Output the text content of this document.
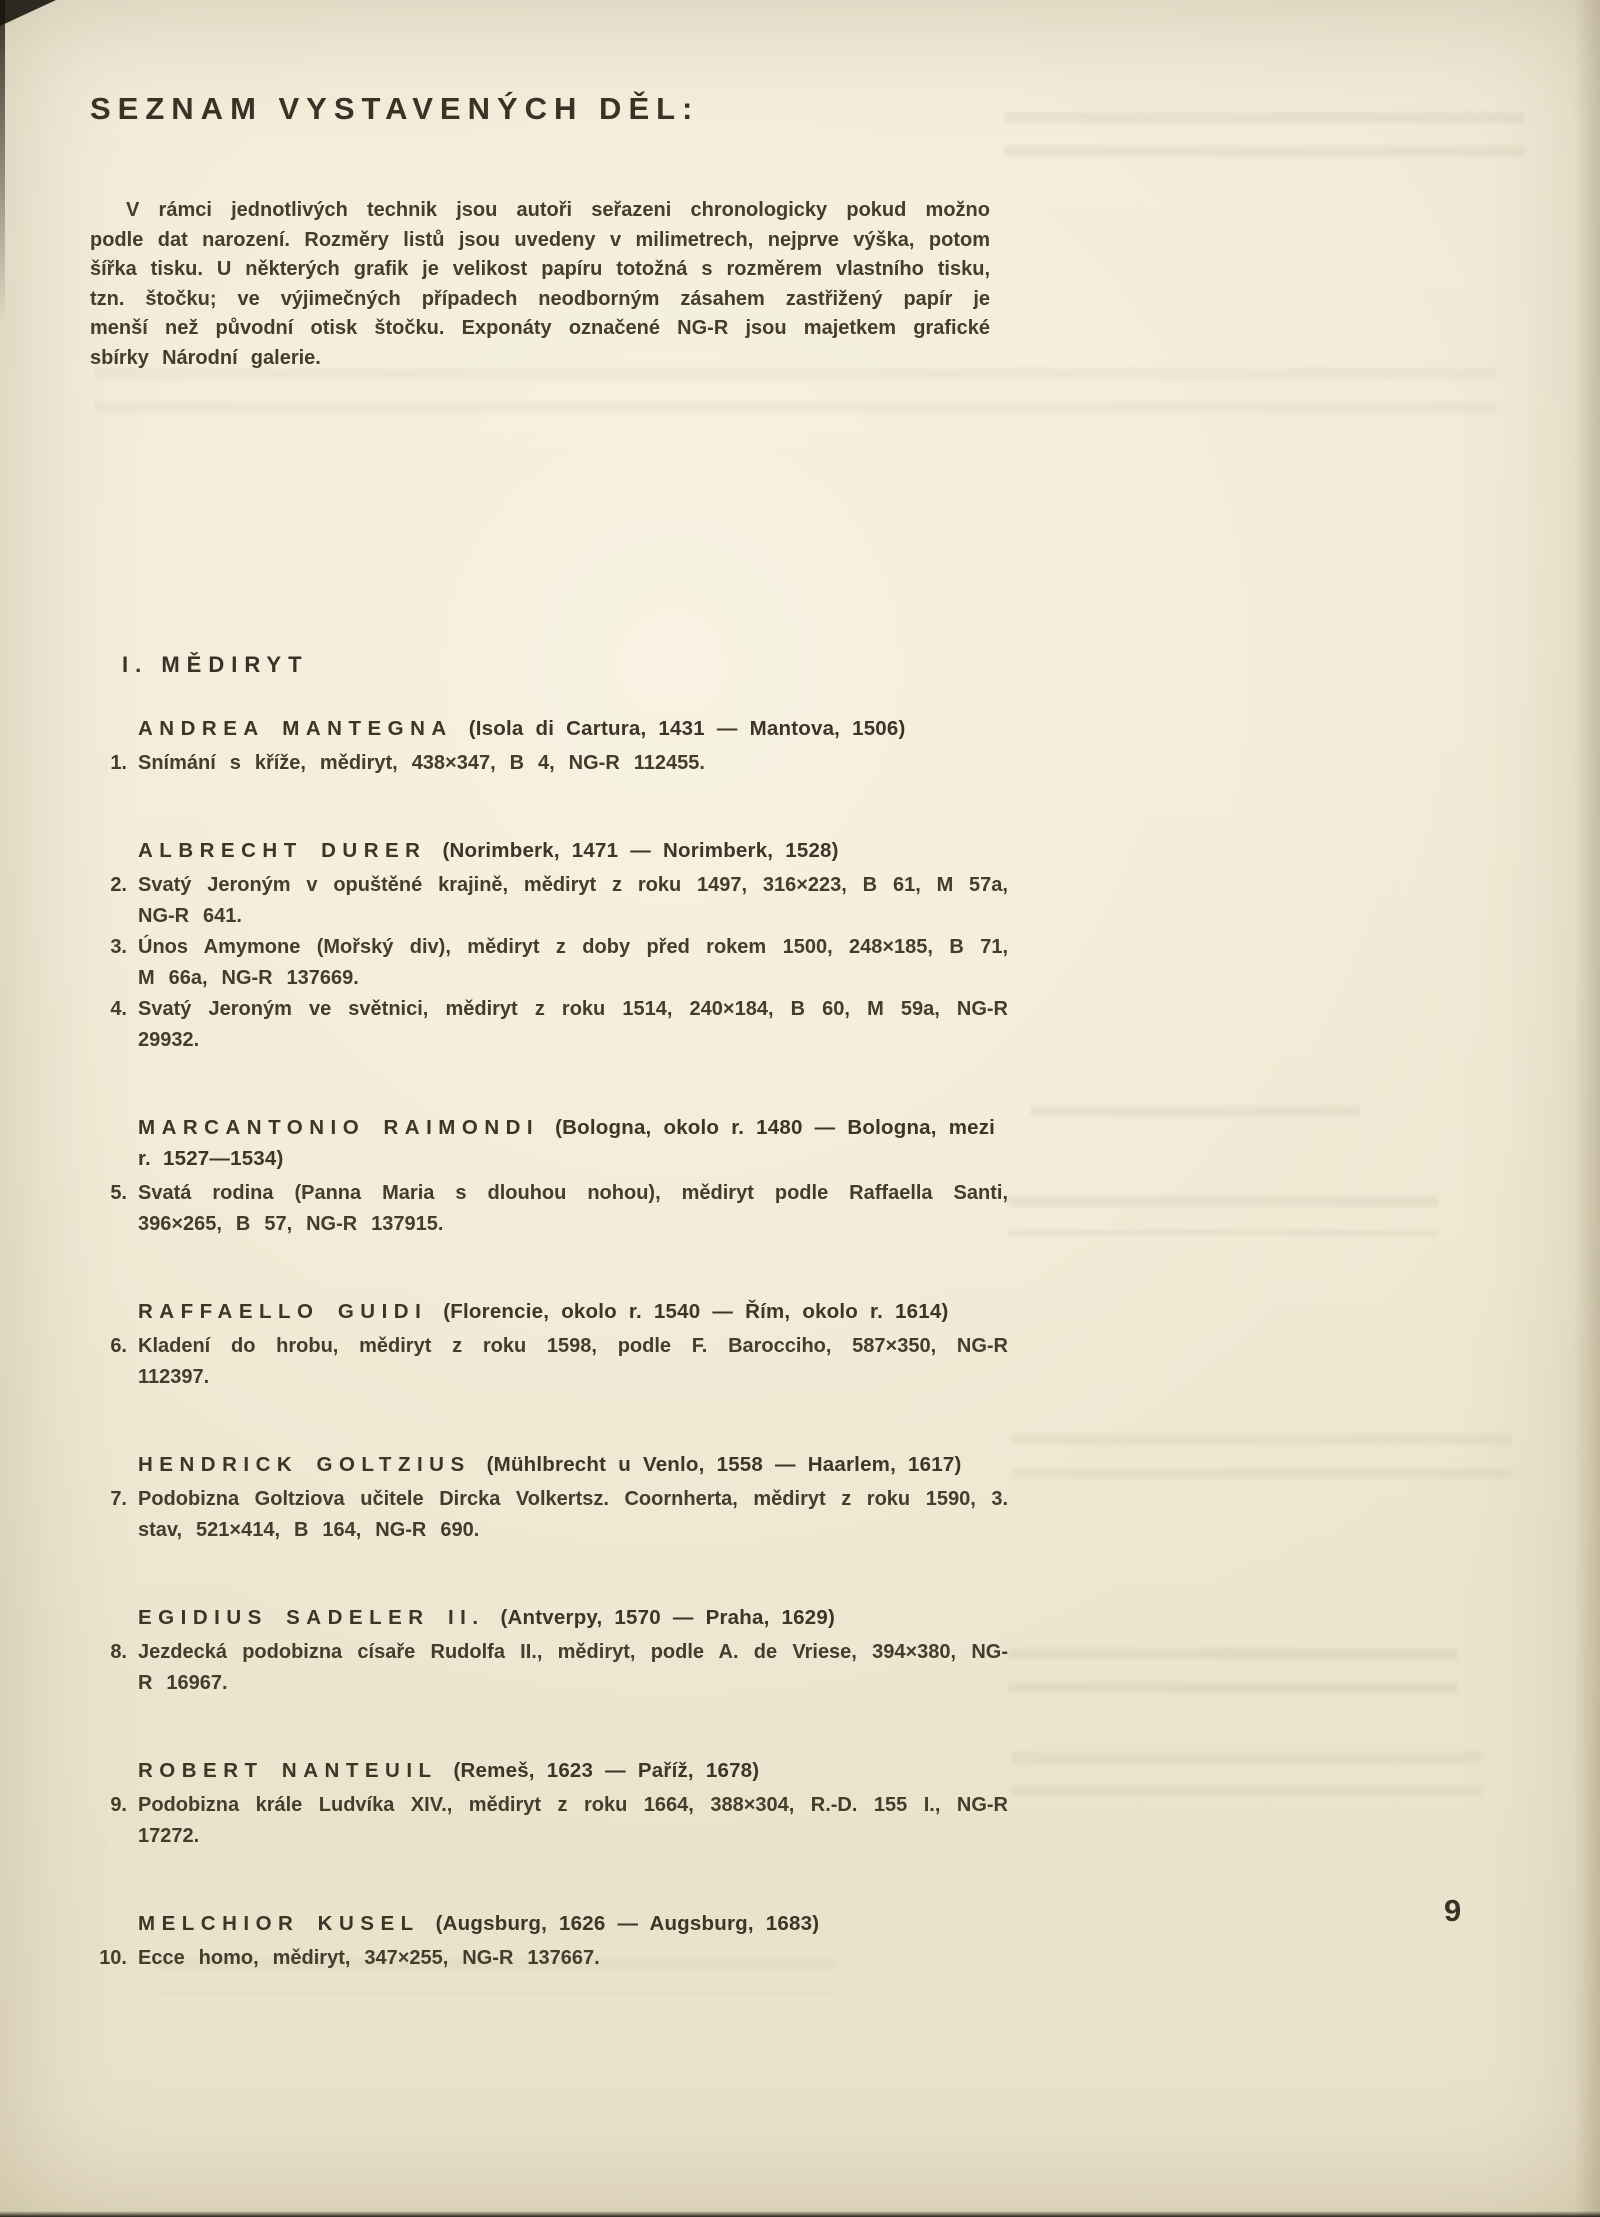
SEZNAM VYSTAVENÝCH DĚL:

V rámci jednotlivých technik jsou autoři seřazeni chronologicky pokud možno podle dat narození. Rozměry listů jsou uvedeny v milimetrech, nejprve výška, potom šířka tisku. U některých grafik je velikost papíru totožná s rozměrem vlastního tisku, tzn. štočku; ve výjimečných případech neodborným zásahem zastřižený papír je menší než původní otisk štočku. Exponáty označené NG-R jsou majetkem grafické sbírky Národní galerie.

I. MĚDIRYT
ANDREA MANTEGNA (Isola di Cartura, 1431 — Mantova, 1506)
1. Snímání s kříže, mědiryt, 438×347, B 4, NG-R 112455.
ALBRECHT DURER (Norimberk, 1471 — Norimberk, 1528)
2. Svatý Jeroným v opuštěné krajině, mědiryt z roku 1497, 316×223, B 61, M 57a, NG-R 641.
3. Únos Amymone (Mořský div), mědiryt z doby před rokem 1500, 248×185, B 71, M 66a, NG-R 137669.
4. Svatý Jeroným ve světnici, mědiryt z roku 1514, 240×184, B 60, M 59a, NG-R 29932.
MARCANTONIO RAIMONDI (Bologna, okolo r. 1480 — Bologna, mezi r. 1527—1534)
5. Svatá rodina (Panna Maria s dlouhou nohou), mědiryt podle Raffaella Santi, 396×265, B 57, NG-R 137915.
RAFFAELLO GUIDI (Florencie, okolo r. 1540 — Řím, okolo r. 1614)
6. Kladení do hrobu, mědiryt z roku 1598, podle F. Barocciho, 587×350, NG-R 112397.
HENDRICK GOLTZIUS (Mühlbrecht u Venlo, 1558 — Haarlem, 1617)
7. Podobizna Goltziova učitele Dircka Volkertsz. Coornherta, mědiryt z roku 1590, 3. stav, 521×414, B 164, NG-R 690.
EGIDIUS SADELER II. (Antverpy, 1570 — Praha, 1629)
8. Jezdecká podobizna císaře Rudolfa II., mědiryt, podle A. de Vriese, 394×380, NG-R 16967.
ROBERT NANTEUIL (Remeš, 1623 — Paříž, 1678)
9. Podobizna krále Ludvíka XIV., mědiryt z roku 1664, 388×304, R.-D. 155 I., NG-R 17272.
MELCHIOR KUSEL (Augsburg, 1626 — Augsburg, 1683)
10. Ecce homo, mědiryt, 347×255, NG-R 137667.
9
